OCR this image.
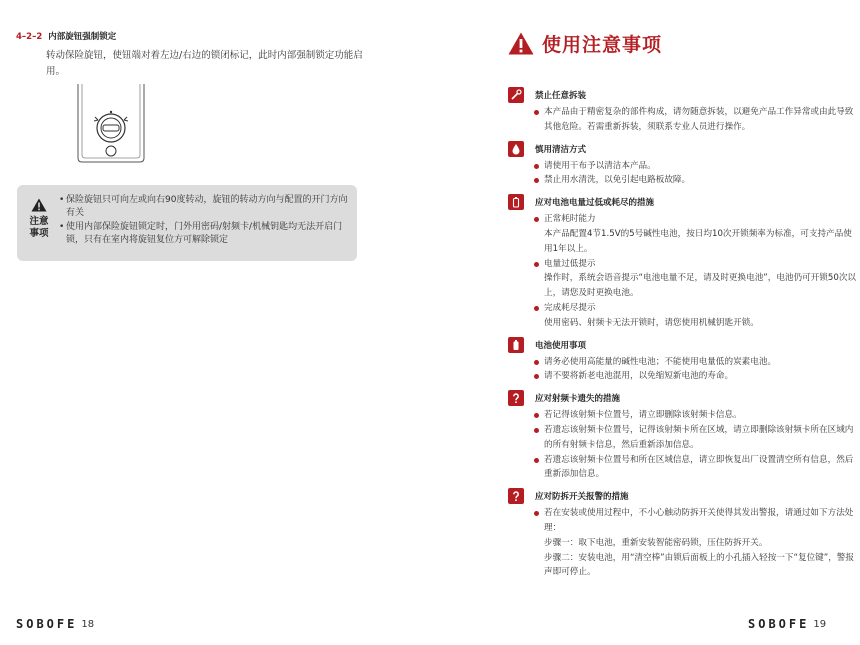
4–2–2 内部旋钮强制锁定
转动保险旋钮，使钮端对着左边/右边的锁闭标记，此时内部强制锁定功能启用。
注意
事项
• 保险旋钮只可向左或向右90度转动，旋钮的转动方向与配置的开门方向有关
• 使用内部保险旋钮锁定时，门外用密码/射频卡/机械钥匙均无法开启门锁，只有在室内将旋钮复位方可解除锁定
SOBOFE 18
使用注意事项
禁止任意拆装
本产品由于精密复杂的部件构成，请勿随意拆装，以避免产品工作异常或由此导致其他危险。若需重新拆装，须联系专业人员进行操作。
慎用清洁方式
请使用干布予以清洁本产品。
禁止用水清洗，以免引起电路板故障。
应对电池电量过低或耗尽的措施
正常耗时能力
本产品配置4节1.5V的5号碱性电池，按日均10次开锁频率为标准，可支持产品使用1年以上。
电量过低提示
操作时，系统会语音提示“电池电量不足，请及时更换电池”，电池仍可开锁50次以上，请您及时更换电池。
完成耗尽提示
使用密码、射频卡无法开锁时，请您使用机械钥匙开锁。
电池使用事项
请务必使用高能量的碱性电池；不能使用电量低的炭素电池。
请不要将新老电池混用，以免缩短新电池的寿命。
应对射频卡遗失的措施
若记得该射频卡位置号，请立即删除该射频卡信息。
若遗忘该射频卡位置号，记得该射频卡所在区域，请立即删除该射频卡所在区域内的所有射频卡信息，然后重新添加信息。
若遗忘该射频卡位置号和所在区域信息，请立即恢复出厂设置清空所有信息，然后重新添加信息。
应对防拆开关报警的措施
若在安装或使用过程中，不小心触动防拆开关使得其发出警报，请通过如下方法处理：
步骤一：取下电池，重新安装智能密码锁，压住防拆开关。
步骤二：安装电池，用“清空棒”由锁后面板上的小孔插入轻按一下“复位键”，警报声即可停止。
SOBOFE 19
